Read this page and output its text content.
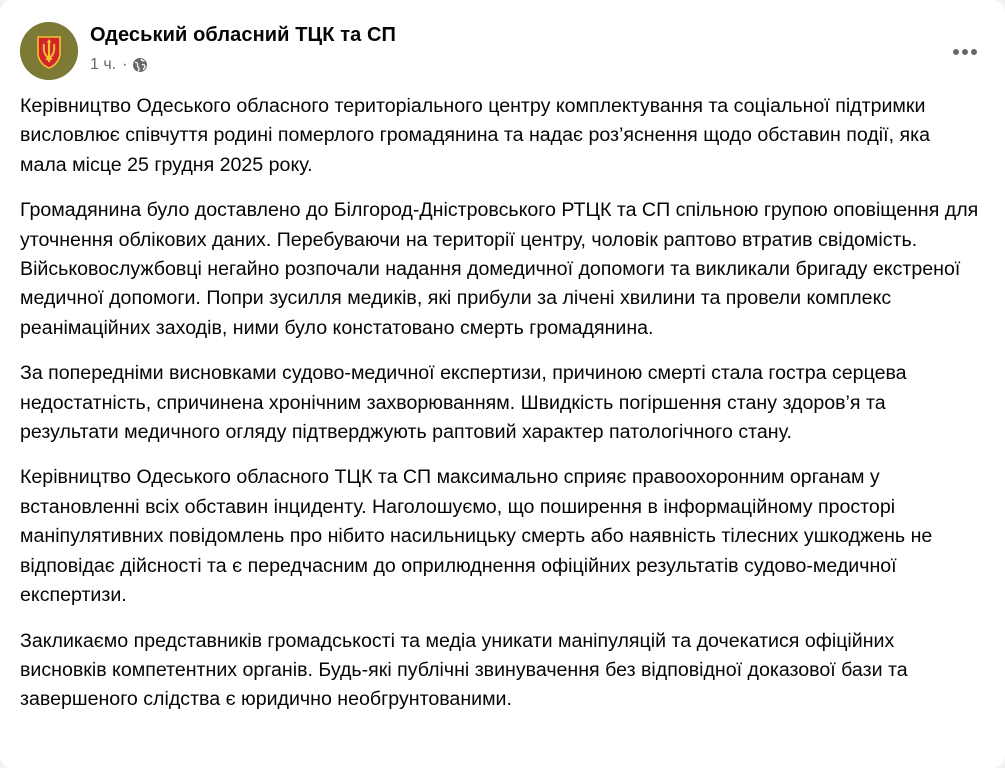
Одеський обласний ТЦК та СП
1 ч. ·

Керівництво Одеського обласного територіального центру комплектування та соціальної підтримки висловлює співчуття родині померлого громадянина та надає роз’яснення щодо обставин події, яка мала місце 25 грудня 2025 року.

Громадянина було доставлено до Білгород-Дністровського РТЦК та СП спільною групою оповіщення для уточнення облікових даних. Перебуваючи на території центру, чоловік раптово втратив свідомість. Військовослужбовці негайно розпочали надання домедичної допомоги та викликали бригаду екстреної медичної допомоги. Попри зусилля медиків, які прибули за лічені хвилини та провели комплекс реанімаційних заходів, ними було констатовано смерть громадянина.

За попередніми висновками судово-медичної експертизи, причиною смерті стала гостра серцева недостатність, спричинена хронічним захворюванням. Швидкість погіршення стану здоров’я та результати медичного огляду підтверджують раптовий характер патологічного стану.

Керівництво Одеського обласного ТЦК та СП максимально сприяє правоохоронним органам у встановленні всіх обставин інциденту. Наголошуємо, що поширення в інформаційному просторі маніпулятивних повідомлень про нібито насильницьку смерть або наявність тілесних ушкоджень не відповідає дійсності та є передчасним до оприлюднення офіційних результатів судово-медичної експертизи.

Закликаємо представників громадськості та медіа уникати маніпуляцій та дочекатися офіційних висновків компетентних органів. Будь-які публічні звинувачення без відповідної доказової бази та завершеного слідства є юридично необгрунтованими.
